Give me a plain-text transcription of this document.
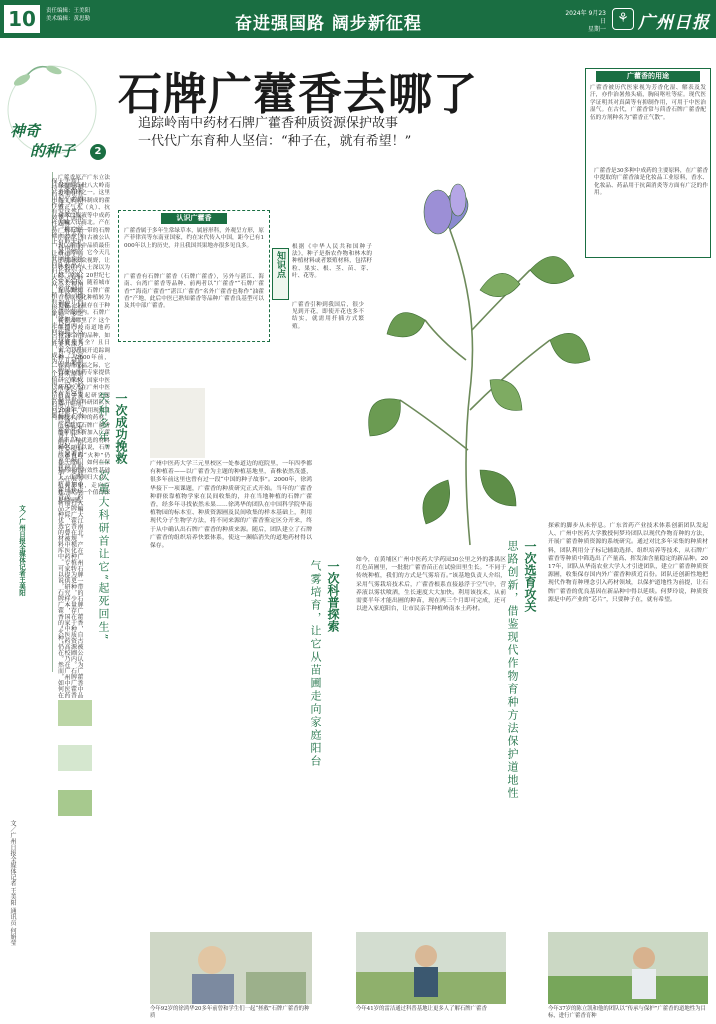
10	责任编辑：王美阳
美术编辑：黄思勤	奋进强国路 阔步新征程
2024年 9月23日
星期一
⚘ 广州日报
神奇
的种子	2
广藿香原产广东立法保护的首批八大岭南道地药材之一。这里为生家原料制成的藿香正气水（丸）、抗病毒口服液等中成药大鳊大江南北。产在广州石牌一带的石牌广藿香，自古被公认为广藿香中品质最佳者。然而，它今天几乎演出公众视野，让许多业内人士深以为憾。原来，20世纪七八十年代，随着城市发展加快，石牌广藿香在规模化种植转为更种，少量存在于种质资源圃内。石牌广藿香去哪里了？这个绑揽乃岭南道地药材“家谷”的品种，如何能使其全？且日来，记者展开追踪调查——2000年前，在黄埔茂福之际，它曾被中医药专家提供研究样本，国家中医药高校乃在广州中医药大学发起研究课题，而有科研团队长20余年，利用现代生物技术育种的药材，所有黏度石牌广藿香的种质重新加入广藿香新品种优选的材料库中。可以说，石牌广藿香的“火种”仍在。然而，如何在保持药用作有效性基础上，让其回归大众，稍有形象，走向百姓，成为一个值得深思的问题。 广藿香原产广东立法保护的首批八大岭南道地药材之一。这里为生家原料制成的藿香正气水（丸）、抗病毒口服液等中成药大鳊大江南北。产在广州石牌一带的石牌广藿香，自古被公认为广藿香中品质最佳者。然而，它今天几乎演出公众视野，让许多业内人士深以为憾。原来，20世纪七八十年代，随着城市发展加快，石牌广藿香在规模化种植转为更种，少量存在于种质资源圃内。石牌广藿香去哪里了？这个绑揽乃岭南道地药材“家谷”的品种，如何能使其全？且日来，记者展开追踪调查——2000年前，在黄埔茂福之际，它曾被中医药专家提供研究样本，国家中医药高校乃在广州中医药大学发起研究课题，而有科研团队长20余年，利用现代生物技术育种的药材，所有黏度石牌广藿香的种质重新加入广藿香新品种优选的材料库中。可以说，石牌广藿香的“火种”仍在。然而，如何在保持药用作有效性基础上，让其回归大众，稍有形象，走向百姓，成为一个值得深思的问题。
文／广州日报全媒体记者王美阳
文／广州日报全媒体记者 王美阳 通讯员 何娟莹
石牌广藿香去哪了
追踪岭南中药材石牌广藿香种质资源保护故事
一代代广东育种人坚信：“种子在，就有希望！”
广藿香的用途
广藿香被历代医家视为芳香化湿、解表及发汗，亦作治暑热头痛，胸闷呕吐等症。现代医学证明其对真菌等有抑制作用，可用于中医治湿气。在古代，广藿香常与茴香石牌广藿香配伍的方剂种名为“藿香正气散”。
广藿香是30多种中成药的主要原料，在广藿香中提取的广藿香油是化妆品工业原料，香水、化妆品、药品用于抗菌消炎等方面有广泛的作用。
认识广藿香
广藿香属于多年生常绿草本，属唇形科，外观呈方形，原产菲律宾等东南亚国家，约在宋代传入中国，距今已有1000年以上的历史，并且我国其果地亦很多见良多。
广藿香有石牌广藿香（石牌广藿香），另外与湛江、海南、台湾广藿香等品种、前两者以“广藿香”“石牌广藿香”“海南广藿香”“湛江广藿香”名外广藿香也称作“油藿香”产地，此后中医已熟知藿香等品种广藿香良基型可以及其中部广藿香。
知识点
根据《中华人民共和国种子法》，种子是指农作物和林木的种植材料或者繁殖材料，包括籽粒、果实、根、茎、苗、芽、叶、花等。
广藿香引种到我国后，很少见到开花，即使开花也多不结实，就需用扦插方式繁殖。
一次成功挽救
失种多年，一次重大科研首让它“起死回生”	广州中医药大学三元里校区一处参道边的庭院里，一年四季都有种植着——以广藿香为主题的种植基地里，苗株依然茂盛，很多年前这里也曾有过一段“中国的种子故事”。2000年，徐鸿华接下一项课题，广藿香的种质研究正式开始。当年的广藿香种群依靠植物学家在民间收集的，并在当地种植的石牌广藿香，经多年寻找依然未果……徐鸿华的团队在中国科学院华南植物园的标本室、种质资源圃及民间收集的样本基础上，利用现代分子生物学方法，将不同来源的广藿香鉴定区分开来，终于从中确认出石牌广藿香的种质来源。随后，团队建立了石牌广藿香的组织培养快繁体系，使这一濒临消失的道地药材得以保存。
今年92岁的徐鸿华20多年前曾和学生们一起“拯救”石牌广藿香的种质
一次科普探索
气雾培育，让它从苗圃走向家庭阳台	如今，在黄埔区广州中医药大学药园30公里之外的番禺区红色苗圃里，一批批广藿香苗正在试验田里生长。“不同于传统种植，我们的方式是气雾培育。”该基地负责人介绍，采用气雾栽培技术后，广藿香根系直接悬浮于空气中，营养液以雾状喷洒，生长速度大大加快。利用该技术，从前需要半年才能出圃的种苗，现在两三个月即可完成，还可以进入家庭阳台，让市民亲手种植岭南本土药材。
今年41岁的雷洁通过科普基地让更多人了解石牌广藿香
一次选育攻关
思路创新，借鉴现代作物育种方法保护道地性
探索的脚步从未停息。广东省药产业技术体系创新团队发起人、广州中医药大学教授何梦玲团队以现代作物育种的方法，开展广藿香种质资源的系统研究。通过对比多年采集的种质材料，团队利用分子标记辅助选择、组织培养等技术，从石牌广藿香等种质中筛选出了产量高、挥发油含量稳定的新品种。2017年，团队从华南农业大学人才引进团队，建立广藿香种质资源圃，收集保存国内外广藿香种质近百份。团队还创新性地把现代作物育种理念引入药材领域，以保护道地性为前提，让石牌广藿香的优良基因在新品种中得以延续。何梦玲说，种质资源是中药产业的“芯片”，只要种子在，就有希望。
今年37岁的陈立凯和他的团队以“传承与保护”广藿香的道地性为目标，进行广藿香育种
